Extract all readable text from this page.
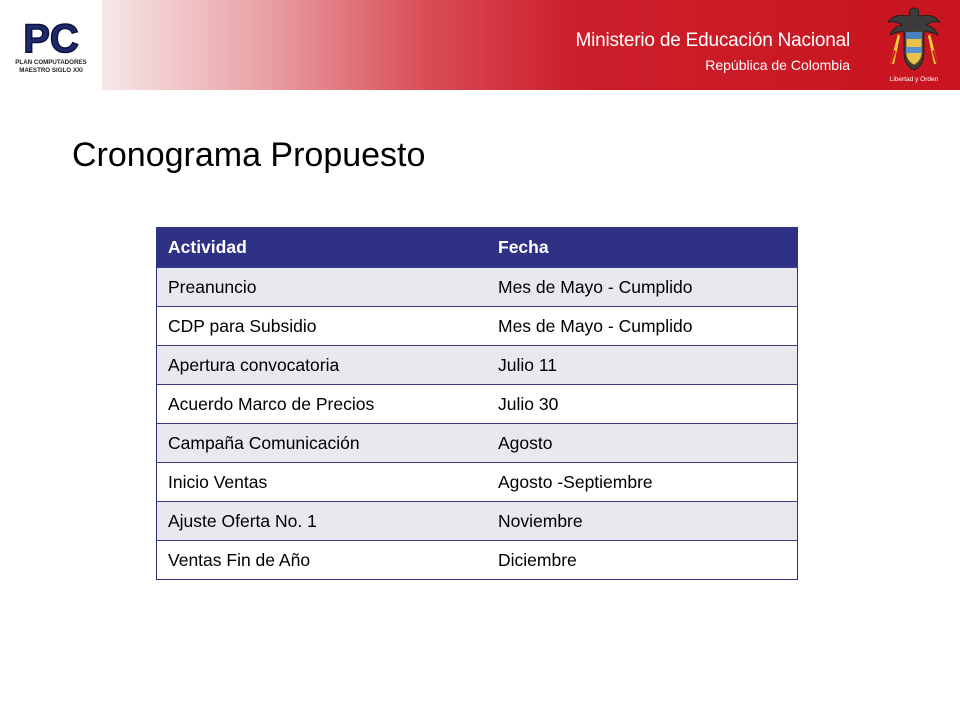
PC
PLAN COMPUTADORES
MAESTRO SIGLO XXI
Ministerio de Educación Nacional
República de Colombia
Libertad y Orden
Cronograma Propuesto
Actividad	Fecha
Preanuncio	Mes de Mayo - Cumplido
CDP para Subsidio	Mes de Mayo - Cumplido
Apertura convocatoria	Julio 11
Acuerdo Marco de Precios	Julio 30
Campaña Comunicación	Agosto
Inicio Ventas	Agosto -Septiembre
Ajuste Oferta No. 1	Noviembre
Ventas Fin de Año	Diciembre
